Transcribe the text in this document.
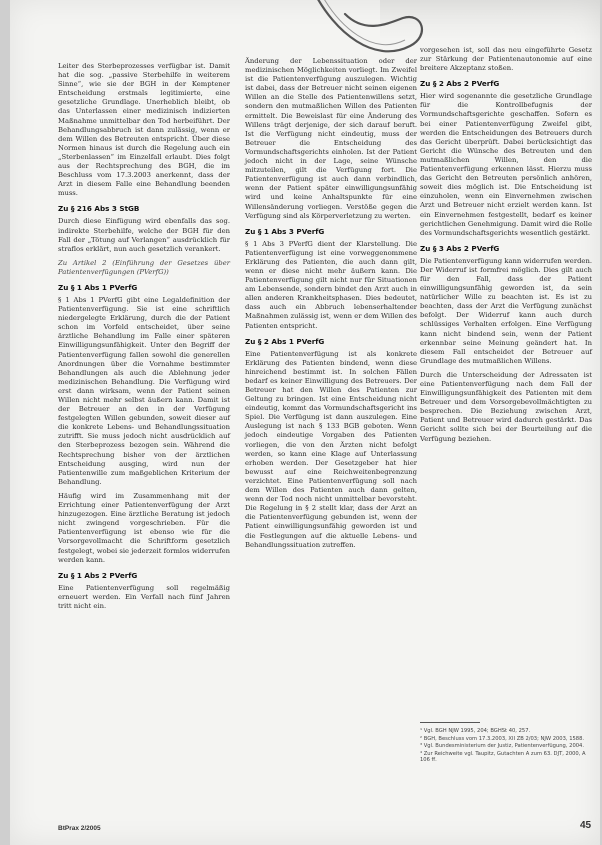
Leiter des Sterbeprozesses verfügbar ist. Damit hat die sog. „passive Sterbehilfe in weiterem Sinne“, wie sie der BGH in der Kemptener Entscheidung erstmals legitimierte, eine gesetzliche Grundlage. Unerheblich bleibt, ob das Unterlassen einer medizinisch indizierten Maßnahme unmittelbar den Tod herbeiführt. Der Behandlungsabbruch ist dann zulässig, wenn er dem Willen des Betreuten entspricht. Über diese Normen hinaus ist durch die Regelung auch ein „Sterbenlassen“ im Einzelfall erlaubt. Dies folgt aus der Rechtsprechung des BGH, die im Beschluss vom 17.3.2003 anerkennt, dass der Arzt in diesem Falle eine Behandlung beenden muss.

Zu § 216 Abs 3 StGB

Durch diese Einfügung wird ebenfalls das sog. indirekte Sterbehilfe, welche der BGH für den Fall der „Tötung auf Verlangen“ ausdrücklich für straflos erklärt, nun auch gesetzlich verankert.

Zu Artikel 2 (Einführung der Gesetzes über Patientenverfügungen (PVerfG))

Zu § 1 Abs 1 PVerfG

§ 1 Abs 1 PVerfG gibt eine Legaldefinition der Patientenverfügung. Sie ist eine schriftlich niedergelegte Erklärung, durch die der Patient schon im Vorfeld entscheidet, über seine ärztliche Behandlung im Falle einer späteren Einwilligungsunfähigkeit. Unter den Begriff der Patientenverfügung fallen sowohl die generellen Anordnungen über die Vornahme bestimmter Behandlungen als auch die Ablehnung jeder medizinischen Behandlung. Die Verfügung wird erst dann wirksam, wenn der Patient seinen Willen nicht mehr selbst äußern kann. Damit ist der Betreuer an den in der Verfügung festgelegten Willen gebunden, soweit dieser auf die konkrete Lebens- und Behandlungssituation zutrifft. Sie muss jedoch nicht ausdrücklich auf den Sterbeprozess bezogen sein. Während die Rechtsprechung bisher von der ärztlichen Entscheidung ausging, wird nun der Patientenwille zum maßgeblichen Kriterium der Behandlung.

Häufig wird im Zusammenhang mit der Errichtung einer Patientenverfügung der Arzt hinzugezogen. Eine ärztliche Beratung ist jedoch nicht zwingend vorgeschrieben. Für die Patientenverfügung ist ebenso wie für die Vorsorgevollmacht die Schriftform gesetzlich festgelegt, wobei sie jederzeit formlos widerrufen werden kann.

Zu § 1 Abs 2 PVerfG

Eine Patientenverfügung soll regelmäßig erneuert werden. Ein Verfall nach fünf Jahren tritt nicht ein.

Änderung der Lebenssituation oder der medizinischen Möglichkeiten vorliegt. Im Zweifel ist die Patientenverfügung auszulegen. Wichtig ist dabei, dass der Betreuer nicht seinen eigenen Willen an die Stelle des Patientenwillens setzt, sondern den mutmaßlichen Willen des Patienten ermittelt. Die Beweislast für eine Änderung des Willens trägt derjenige, der sich darauf beruft. Ist die Verfügung nicht eindeutig, muss der Betreuer die Entscheidung des Vormundschaftsgerichts einholen. Ist der Patient jedoch nicht in der Lage, seine Wünsche mitzuteilen, gilt die Verfügung fort. Die Patientenverfügung ist auch dann verbindlich, wenn der Patient später einwilligungsunfähig wird und keine Anhaltspunkte für eine Willensänderung vorliegen. Verstöße gegen die Verfügung sind als Körperverletzung zu werten.

Zu § 1 Abs 3 PVerfG

§ 1 Abs 3 PVerfG dient der Klarstellung. Die Patientenverfügung ist eine vorweggenommene Erklärung des Patienten, die auch dann gilt, wenn er diese nicht mehr äußern kann. Die Patientenverfügung gilt nicht nur für Situationen am Lebensende, sondern bindet den Arzt auch in allen anderen Krankheitsphasen. Dies bedeutet, dass auch ein Abbruch lebenserhaltender Maßnahmen zulässig ist, wenn er dem Willen des Patienten entspricht.

Zu § 2 Abs 1 PVerfG

Eine Patientenverfügung ist als konkrete Erklärung des Patienten bindend, wenn diese hinreichend bestimmt ist. In solchen Fällen bedarf es keiner Einwilligung des Betreuers. Der Betreuer hat den Willen des Patienten zur Geltung zu bringen. Ist eine Entscheidung nicht eindeutig, kommt das Vormundschaftsgericht ins Spiel. Die Verfügung ist dann auszulegen. Eine Auslegung ist nach § 133 BGB geboten. Wenn jedoch eindeutige Vorgaben des Patienten vorliegen, die von den Ärzten nicht befolgt werden, so kann eine Klage auf Unterlassung erhoben werden. Der Gesetzgeber hat hier bewusst auf eine Reichweitenbegrenzung verzichtet. Eine Patientenverfügung soll nach dem Willen des Patienten auch dann gelten, wenn der Tod noch nicht unmittelbar bevorsteht. Die Regelung in § 2 stellt klar, dass der Arzt an die Patientenverfügung gebunden ist, wenn der Patient einwilligungsunfähig geworden ist und die Festlegungen auf die aktuelle Lebens- und Behandlungssituation zutreffen.

vorgesehen ist, soll das neu eingeführte Gesetz zur Stärkung der Patientenautonomie auf eine breitere Akzeptanz stoßen.

Zu § 2 Abs 2 PVerfG

Hier wird sogenannte die gesetzliche Grundlage für die Kontrollbefugnis der Vormundschaftsgerichte geschaffen. Sofern es bei einer Patientenverfügung Zweifel gibt, werden die Entscheidungen des Betreuers durch das Gericht überprüft. Dabei berücksichtigt das Gericht die Wünsche des Betreuten und den mutmaßlichen Willen, den die Patientenverfügung erkennen lässt. Hierzu muss das Gericht den Betreuten persönlich anhören, soweit dies möglich ist. Die Entscheidung ist einzuholen, wenn ein Einvernehmen zwischen Arzt und Betreuer nicht erzielt werden kann. Ist ein Einvernehmen festgestellt, bedarf es keiner gerichtlichen Genehmigung. Damit wird die Rolle des Vormundschaftsgerichts wesentlich gestärkt.

Zu § 3 Abs 2 PVerfG

Die Patientenverfügung kann widerrufen werden. Der Widerruf ist formfrei möglich. Dies gilt auch für den Fall, dass der Patient einwilligungsunfähig geworden ist, da sein natürlicher Wille zu beachten ist. Es ist zu beachten, dass der Arzt die Verfügung zunächst befolgt. Der Widerruf kann auch durch schlüssiges Verhalten erfolgen. Eine Verfügung kann nicht bindend sein, wenn der Patient erkennbar seine Meinung geändert hat. In diesem Fall entscheidet der Betreuer auf Grundlage des mutmaßlichen Willens.

Durch die Unterscheidung der Adressaten ist eine Patientenverfügung nach dem Fall der Einwilligungsunfähigkeit des Patienten mit dem Betreuer und dem Vorsorgebevollmächtigten zu besprechen. Die Beziehung zwischen Arzt, Patient und Betreuer wird dadurch gestärkt. Das Gericht sollte sich bei der Beurteilung auf die Verfügung beziehen.

¹ Vgl. BGH NJW 1995, 204; BGHSt 40, 257.
² BGH, Beschluss vom 17.3.2003, XII ZB 2/03; NJW 2003, 1588.
³ Vgl. Bundesministerium der Justiz, Patientenverfügung, 2004.
⁴ Zur Reichweite vgl. Taupitz, Gutachten A zum 63. DJT, 2000, A 106 ff.
BtPrax 2/2005	45
